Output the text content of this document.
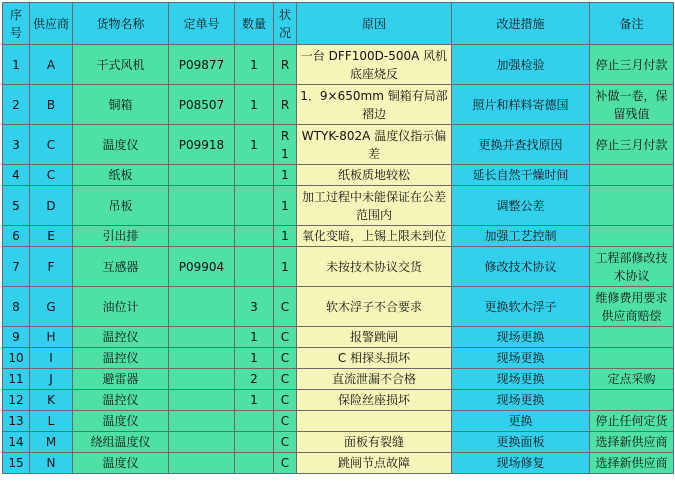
序号	供应商	货物名称	定单号	数量	状况	原因	改进措施	备注
1	A	干式风机	P09877	1	R	一台 DFF100D-500A 风机底座烧反	加强检验	停止三月付款
2	B	铜箱	P08507	1	R	1．9×650mm 铜箱有局部褶边	照片和样料寄德国	补做一卷，保留残值
3	C	温度仪	P09918	1	R 1	WTYK-802A 温度仪指示偏差	更换并查找原因	停止三月付款
4	C	纸板			1	纸板质地较松	延长自然干燥时间	
5	D	吊板			1	加工过程中未能保证在公差范围内	调整公差	
6	E	引出排			1	氧化变暗，上锡上限未到位	加强工艺控制	
7	F	互感器	P09904		1	未按技术协议交货	修改技术协议	工程部修改技术协议
8	G	油位计		3	C	软木浮子不合要求	更换软木浮子	维修费用要求供应商赔偿
9	H	温控仪		1	C	报警跳闸	现场更换	
10	I	温控仪		1	C	C 相探头损坏	现场更换	
11	J	避雷器		2	C	直流泄漏不合格	现场更换	定点采购
12	K	温控仪		1	C	保险丝座损坏	现场更换	
13	L	温度仪			C		更换	停止任何定货
14	M	绕组温度仪			C	面板有裂缝	更换面板	选择新供应商
15	N	温度仪			C	跳闸节点故障	现场修复	选择新供应商
